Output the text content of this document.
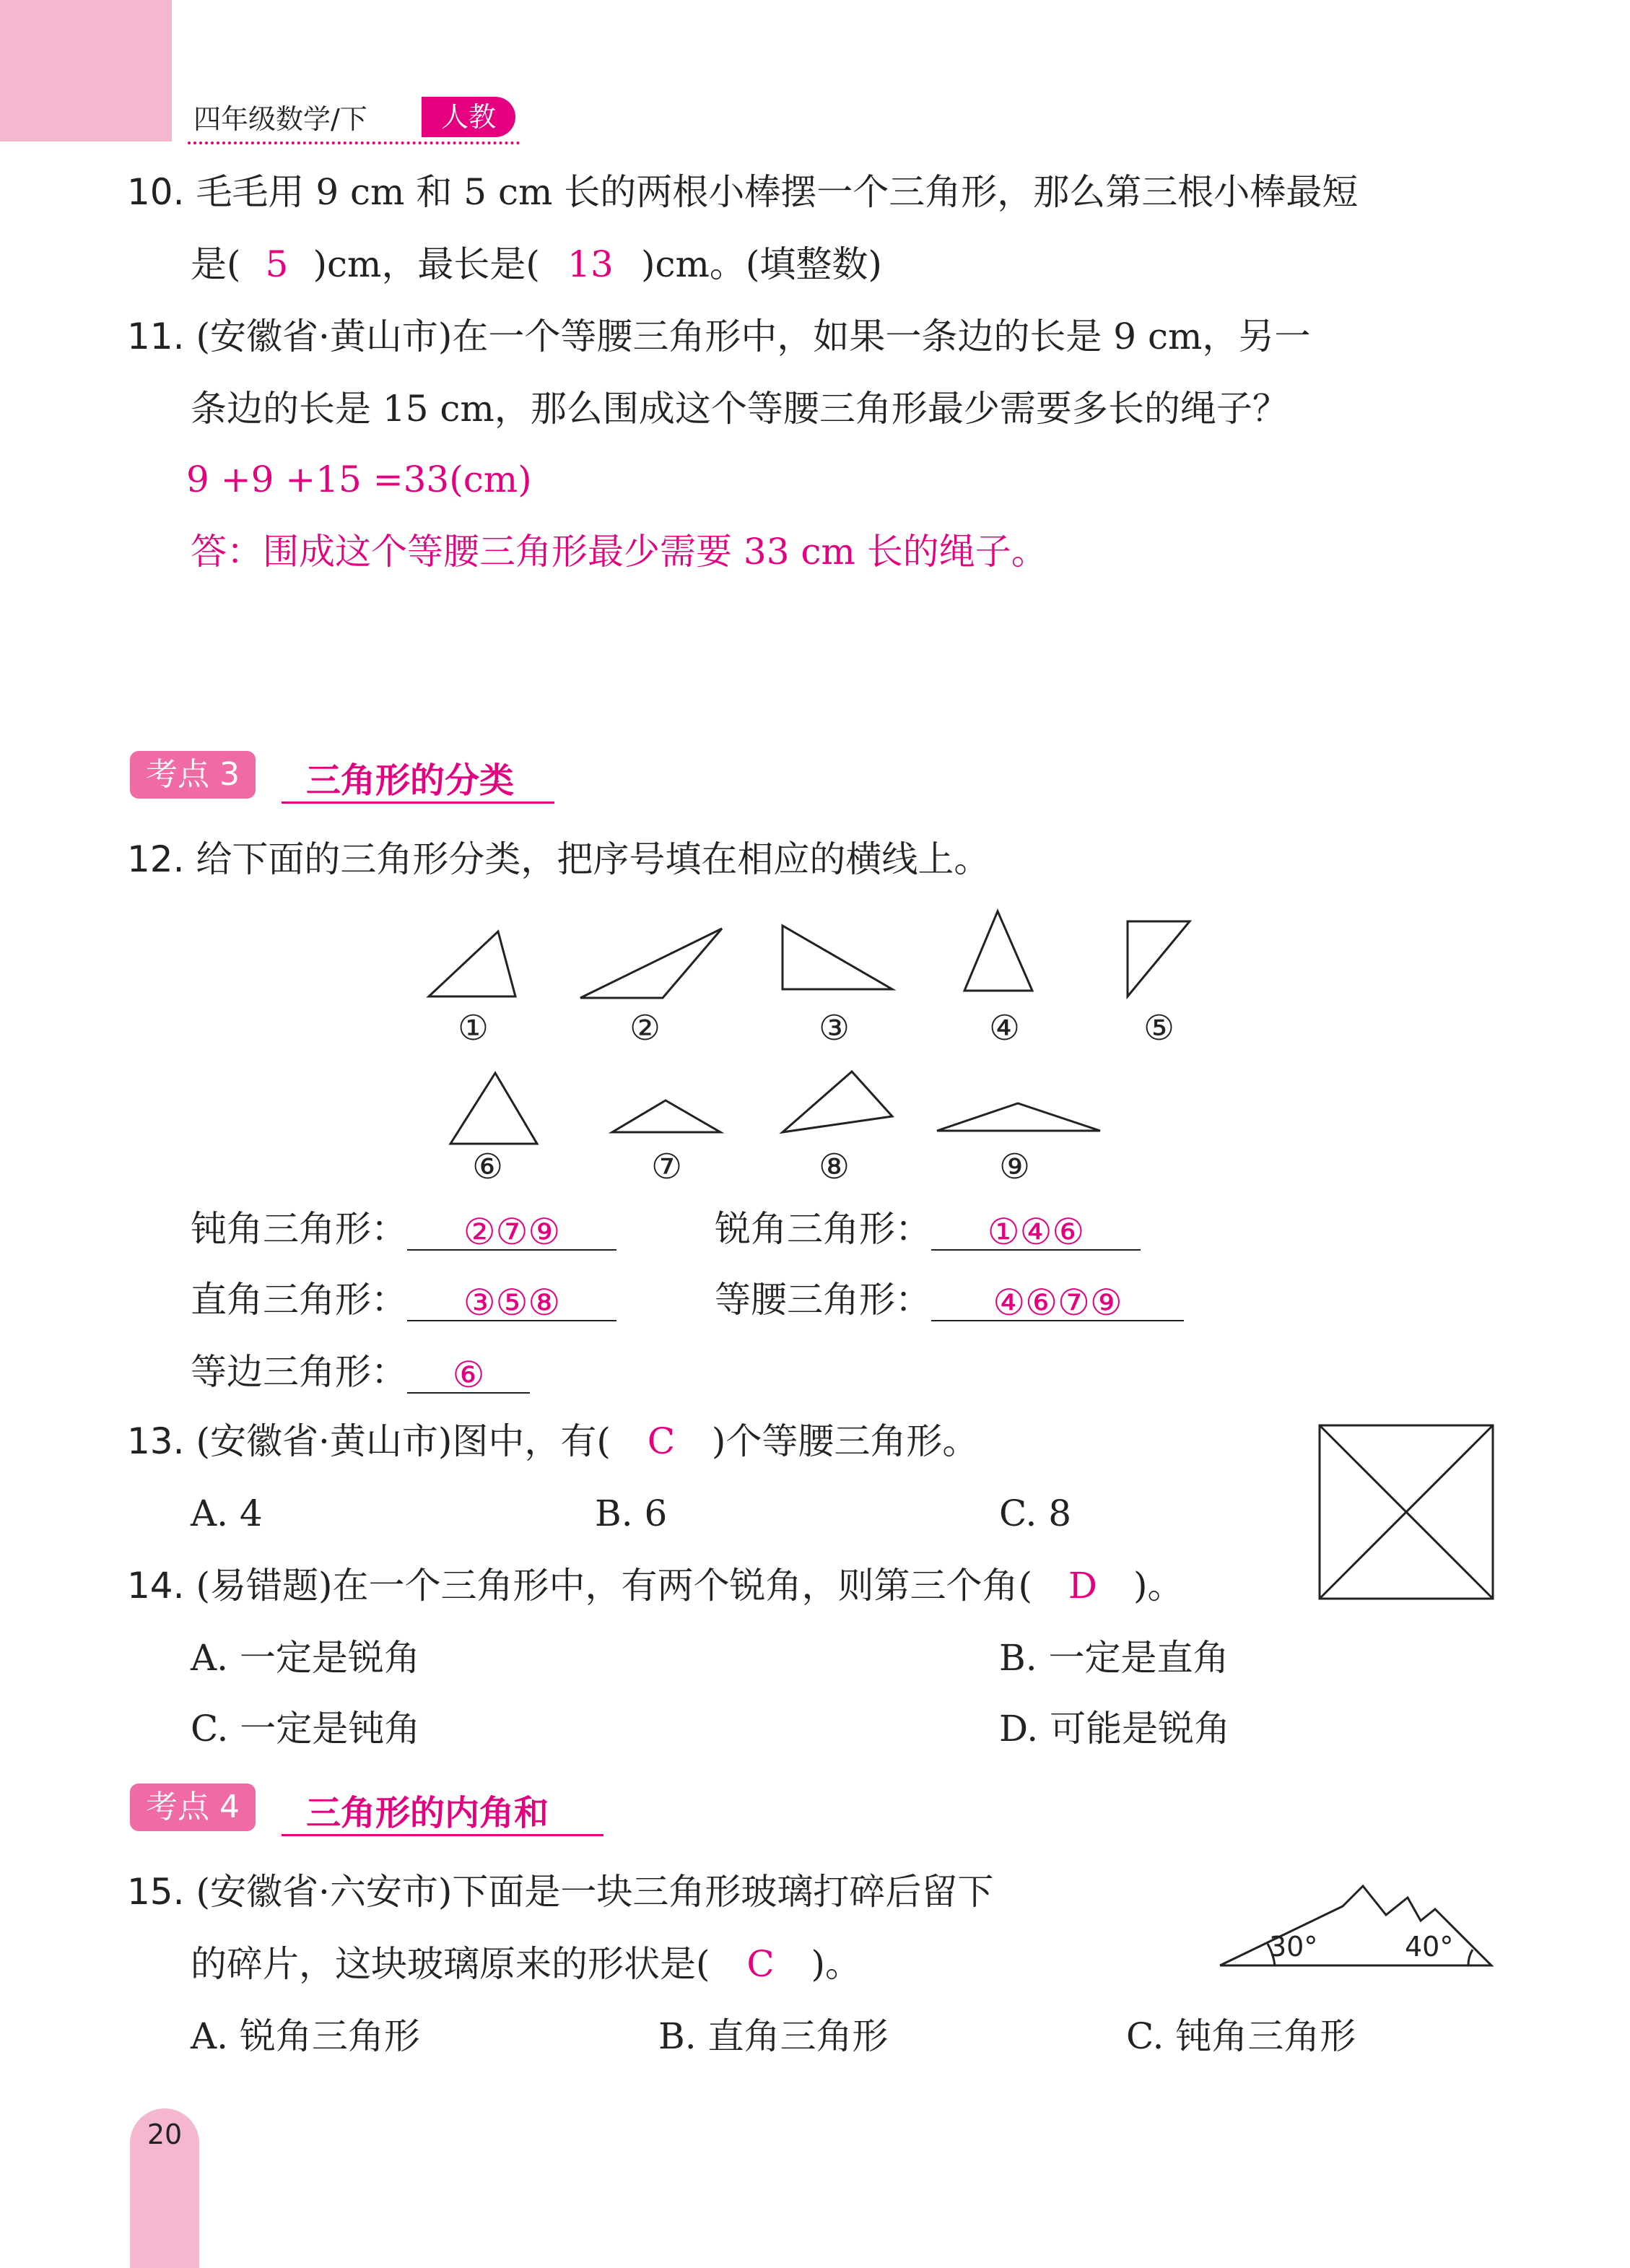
四年级数学/下	人教
10. 毛毛用 9 cm 和 5 cm 长的两根小棒摆一个三角形，那么第三根小棒最短
是( 5 )cm，最长是( 13 )cm。(填整数)
11. (安徽省·黄山市)在一个等腰三角形中，如果一条边的长是 9 cm，另一
条边的长是 15 cm，那么围成这个等腰三角形最少需要多长的绳子？
9 +9 +15 =33(cm)
答：围成这个等腰三角形最少需要 33 cm 长的绳子。
考点 3	三角形的分类
12. 给下面的三角形分类，把序号填在相应的横线上。
①	②	③	④	⑤
⑥	⑦	⑧	⑨
钝角三角形： ②⑦⑨	锐角三角形： ①④⑥
直角三角形： ③⑤⑧	等腰三角形： ④⑥⑦⑨
等边三角形： ⑥
13. (安徽省·黄山市)图中，有( C )个等腰三角形。
A. 4	B. 6	C. 8
14. (易错题)在一个三角形中，有两个锐角，则第三个角( D )。
A. 一定是锐角	B. 一定是直角
C. 一定是钝角	D. 可能是锐角
考点 4	三角形的内角和
15. (安徽省·六安市)下面是一块三角形玻璃打碎后留下
的碎片，这块玻璃原来的形状是( C )。	30°	40°
A. 锐角三角形	B. 直角三角形	C. 钝角三角形
20
